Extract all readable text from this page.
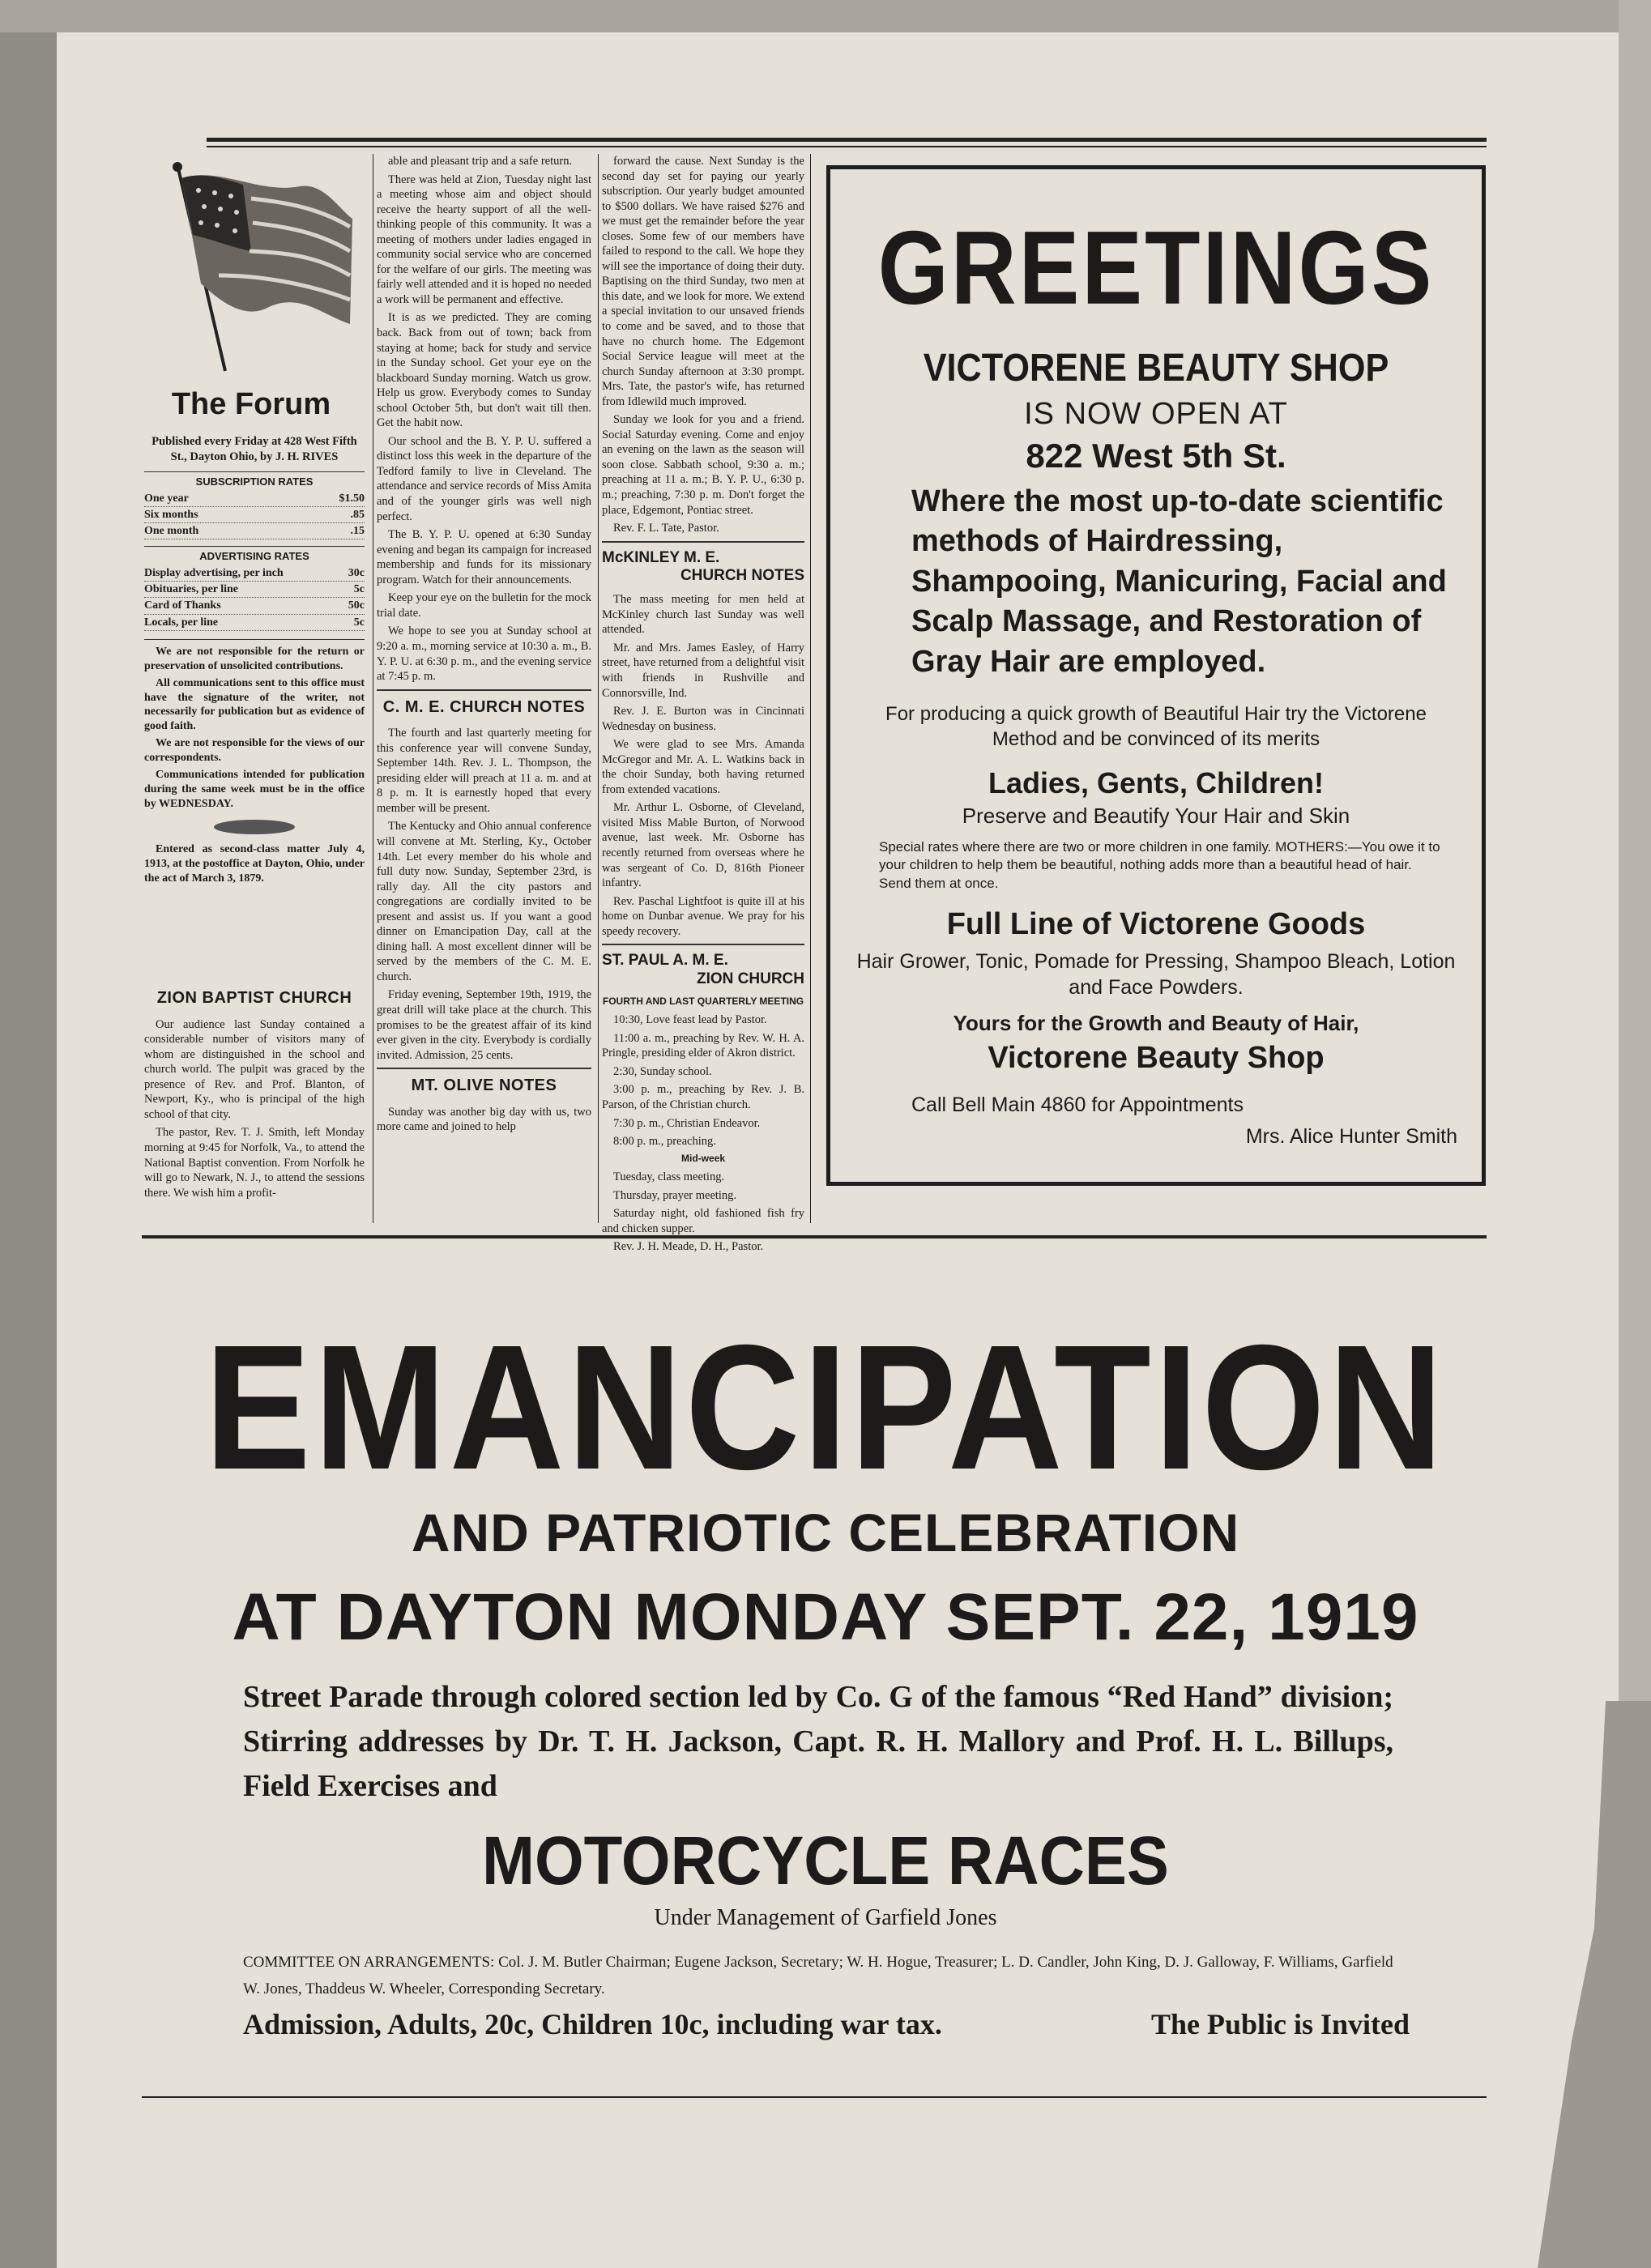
The Forum
Published every Friday at 428 West Fifth St., Dayton Ohio, by J. H. RIVES
SUBSCRIPTION RATES
One year	$1.50
Six months	.85
One month	.15
ADVERTISING RATES
Display advertising, per inch	30c
Obituaries, per line	5c
Card of Thanks	50c
Locals, per line	5c

We are not responsible for the return or preservation of unsolicited contributions.

All communications sent to this office must have the signature of the writer, not necessarily for publication but as evidence of good faith.

We are not responsible for the views of our correspondents.

Communications intended for publication during the same week must be in the office by WEDNESDAY.

Entered as second-class matter July 4, 1913, at the postoffice at Dayton, Ohio, under the act of March 3, 1879.

ZION BAPTIST CHURCH

Our audience last Sunday contained a considerable number of visitors many of whom are distinguished in the school and church world. The pulpit was graced by the presence of Rev. and Prof. Blanton, of Newport, Ky., who is principal of the high school of that city.

The pastor, Rev. T. J. Smith, left Monday morning at 9:45 for Norfolk, Va., to attend the National Baptist convention. From Norfolk he will go to Newark, N. J., to attend the sessions there. We wish him a profit-

able and pleasant trip and a safe return.

There was held at Zion, Tuesday night last a meeting whose aim and object should receive the hearty support of all the well-thinking people of this community. It was a meeting of mothers under ladies engaged in community social service who are concerned for the welfare of our girls. The meeting was fairly well attended and it is hoped no needed a work will be permanent and effective.

It is as we predicted. They are coming back. Back from out of town; back from staying at home; back for study and service in the Sunday school. Get your eye on the blackboard Sunday morning. Watch us grow. Help us grow. Everybody comes to Sunday school October 5th, but don't wait till then. Get the habit now.

Our school and the B. Y. P. U. suffered a distinct loss this week in the departure of the Tedford family to live in Cleveland. The attendance and service records of Miss Amita and of the younger girls was well nigh perfect.

The B. Y. P. U. opened at 6:30 Sunday evening and began its campaign for increased membership and funds for its missionary program. Watch for their announcements.

Keep your eye on the bulletin for the mock trial date.

We hope to see you at Sunday school at 9:20 a. m., morning service at 10:30 a. m., B. Y. P. U. at 6:30 p. m., and the evening service at 7:45 p. m.

C. M. E. CHURCH NOTES

The fourth and last quarterly meeting for this conference year will convene Sunday, September 14th. Rev. J. L. Thompson, the presiding elder will preach at 11 a. m. and at 8 p. m. It is earnestly hoped that every member will be present.

The Kentucky and Ohio annual conference will convene at Mt. Sterling, Ky., October 14th. Let every member do his whole and full duty now. Sunday, September 23rd, is rally day. All the city pastors and congregations are cordially invited to be present and assist us. If you want a good dinner on Emancipation Day, call at the dining hall. A most excellent dinner will be served by the members of the C. M. E. church.

Friday evening, September 19th, 1919, the great drill will take place at the church. This promises to be the greatest affair of its kind ever given in the city. Everybody is cordially invited. Admission, 25 cents.

MT. OLIVE NOTES

Sunday was another big day with us, two more came and joined to help

forward the cause. Next Sunday is the second day set for paying our yearly subscription. Our yearly budget amounted to $500 dollars. We have raised $276 and we must get the remainder before the year closes. Some few of our members have failed to respond to the call. We hope they will see the importance of doing their duty. Baptising on the third Sunday, two men at this date, and we look for more. We extend a special invitation to our unsaved friends to come and be saved, and to those that have no church home. The Edgemont Social Service league will meet at the church Sunday afternoon at 3:30 prompt. Mrs. Tate, the pastor's wife, has returned from Idlewild much improved.

Sunday we look for you and a friend. Social Saturday evening. Come and enjoy an evening on the lawn as the season will soon close. Sabbath school, 9:30 a. m.; preaching at 11 a. m.; B. Y. P. U., 6:30 p. m.; preaching, 7:30 p. m. Don't forget the place, Edgemont, Pontiac street.

Rev. F. L. Tate, Pastor.

McKINLEY M. E.
CHURCH NOTES

The mass meeting for men held at McKinley church last Sunday was well attended.

Mr. and Mrs. James Easley, of Harry street, have returned from a delightful visit with friends in Rushville and Connorsville, Ind.

Rev. J. E. Burton was in Cincinnati Wednesday on business.

We were glad to see Mrs. Amanda McGregor and Mr. A. L. Watkins back in the choir Sunday, both having returned from extended vacations.

Mr. Arthur L. Osborne, of Cleveland, visited Miss Mable Burton, of Norwood avenue, last week. Mr. Osborne has recently returned from overseas where he was sergeant of Co. D, 816th Pioneer infantry.

Rev. Paschal Lightfoot is quite ill at his home on Dunbar avenue. We pray for his speedy recovery.

ST. PAUL A. M. E.
ZION CHURCH
FOURTH AND LAST QUARTERLY MEETING

10:30, Love feast lead by Pastor.

11:00 a. m., preaching by Rev. W. H. A. Pringle, presiding elder of Akron district.

2:30, Sunday school.

3:00 p. m., preaching by Rev. J. B. Parson, of the Christian church.

7:30 p. m., Christian Endeavor.

8:00 p. m., preaching.

Mid-week

Tuesday, class meeting.

Thursday, prayer meeting.

Saturday night, old fashioned fish fry and chicken supper.

Rev. J. H. Meade, D. H., Pastor.

GREETINGS
VICTORENE BEAUTY SHOP
IS NOW OPEN AT
822 West 5th St.
Where the most up-to-date scientific methods of Hairdressing, Shampooing, Manicuring, Facial and Scalp Massage, and Restoration of Gray Hair are employed.
For producing a quick growth of Beautiful Hair try the Victorene Method and be convinced of its merits
Ladies, Gents, Children!
Preserve and Beautify Your Hair and Skin
Special rates where there are two or more children in one family. MOTHERS:—You owe it to your children to help them be beautiful, nothing adds more than a beautiful head of hair. Send them at once.
Full Line of Victorene Goods
Hair Grower, Tonic, Pomade for Pressing, Shampoo Bleach, Lotion and Face Powders.
Yours for the Growth and Beauty of Hair,
Victorene Beauty Shop
Call Bell Main 4860 for Appointments
Mrs. Alice Hunter Smith
EMANCIPATION
AND PATRIOTIC CELEBRATION
AT DAYTON MONDAY SEPT. 22, 1919
Street Parade through colored section led by Co. G of the famous “Red Hand” division; Stirring addresses by Dr. T. H. Jackson, Capt. R. H. Mallory and Prof. H. L. Billups, Field Exercises and
MOTORCYCLE RACES
Under Management of Garfield Jones
COMMITTEE ON ARRANGEMENTS: Col. J. M. Butler Chairman; Eugene Jackson, Secretary; W. H. Hogue, Treasurer; L. D. Candler, John King, D. J. Galloway, F. Williams, Garfield W. Jones, Thaddeus W. Wheeler, Corresponding Secretary.
Admission, Adults, 20c, Children 10c, including war tax.	The Public is Invited
